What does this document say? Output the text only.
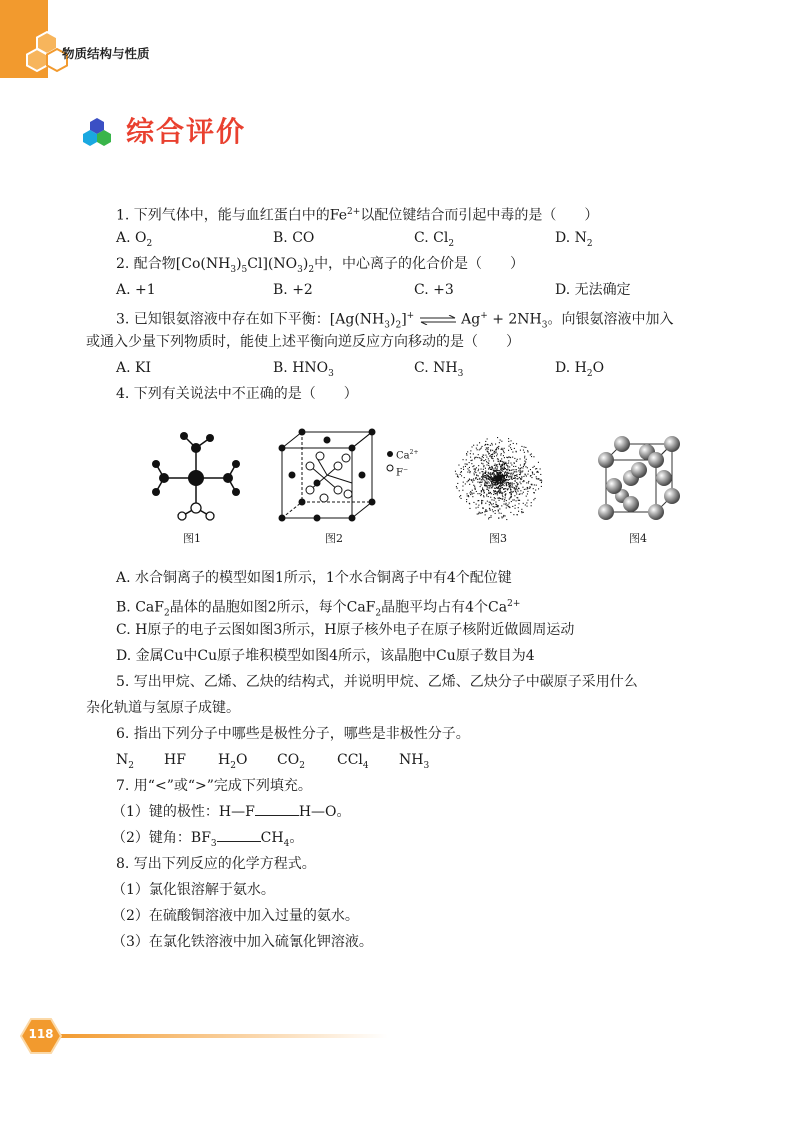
物质结构与性质
综合评价
1. 下列气体中，能与血红蛋白中的$Fe^{2+}$以配位键结合而引起中毒的是（　　）
A. $O_2$	B. CO	C. $Cl_2$	D. $N_2$
2. 配合物$[Co(NH_3)_5Cl](NO_3)_2$中，中心离子的化合价是（　　）
A. +1	B. +2	C. +3	D. 无法确定
3. 已知银氨溶液中存在如下平衡：$[Ag(NH_3)_2]^+$ ⇌ $Ag^+ + 2NH_3$。向银氨溶液中加入
或通入少量下列物质时，能使上述平衡向逆反应方向移动的是（　　）
A. KI	B. $HNO_3$	C. $NH_3$	D. $H_2O$
4. 下列有关说法中不正确的是（　　）
图1
$Ca^{2+}$
F−
图2	图3	图4
A. 水合铜离子的模型如图1所示，1个水合铜离子中有4个配位键
B. CaF$_2$晶体的晶胞如图2所示，每个CaF$_2$晶胞平均占有4个$Ca^{2+}$
C. H原子的电子云图如图3所示，H原子核外电子在原子核附近做圆周运动
D. 金属Cu中Cu原子堆积模型如图4所示，该晶胞中Cu原子数目为4
5. 写出甲烷、乙烯、乙炔的结构式，并说明甲烷、乙烯、乙炔分子中碳原子采用什么
杂化轨道与氢原子成键。
6. 指出下列分子中哪些是极性分子，哪些是非极性分子。
$N_2$ HF $H_2O$ $CO_2$ CCl$_4$ $NH_3$
7. 用“<”或“>”完成下列填充。
（1）键的极性：H—F	H—O。
（2）键角：$BF_3$	$CH_4$。
8. 写出下列反应的化学方程式。
（1）氯化银溶解于氨水。
（2）在硫酸铜溶液中加入过量的氨水。
（3）在氯化铁溶液中加入硫氰化钾溶液。
118
